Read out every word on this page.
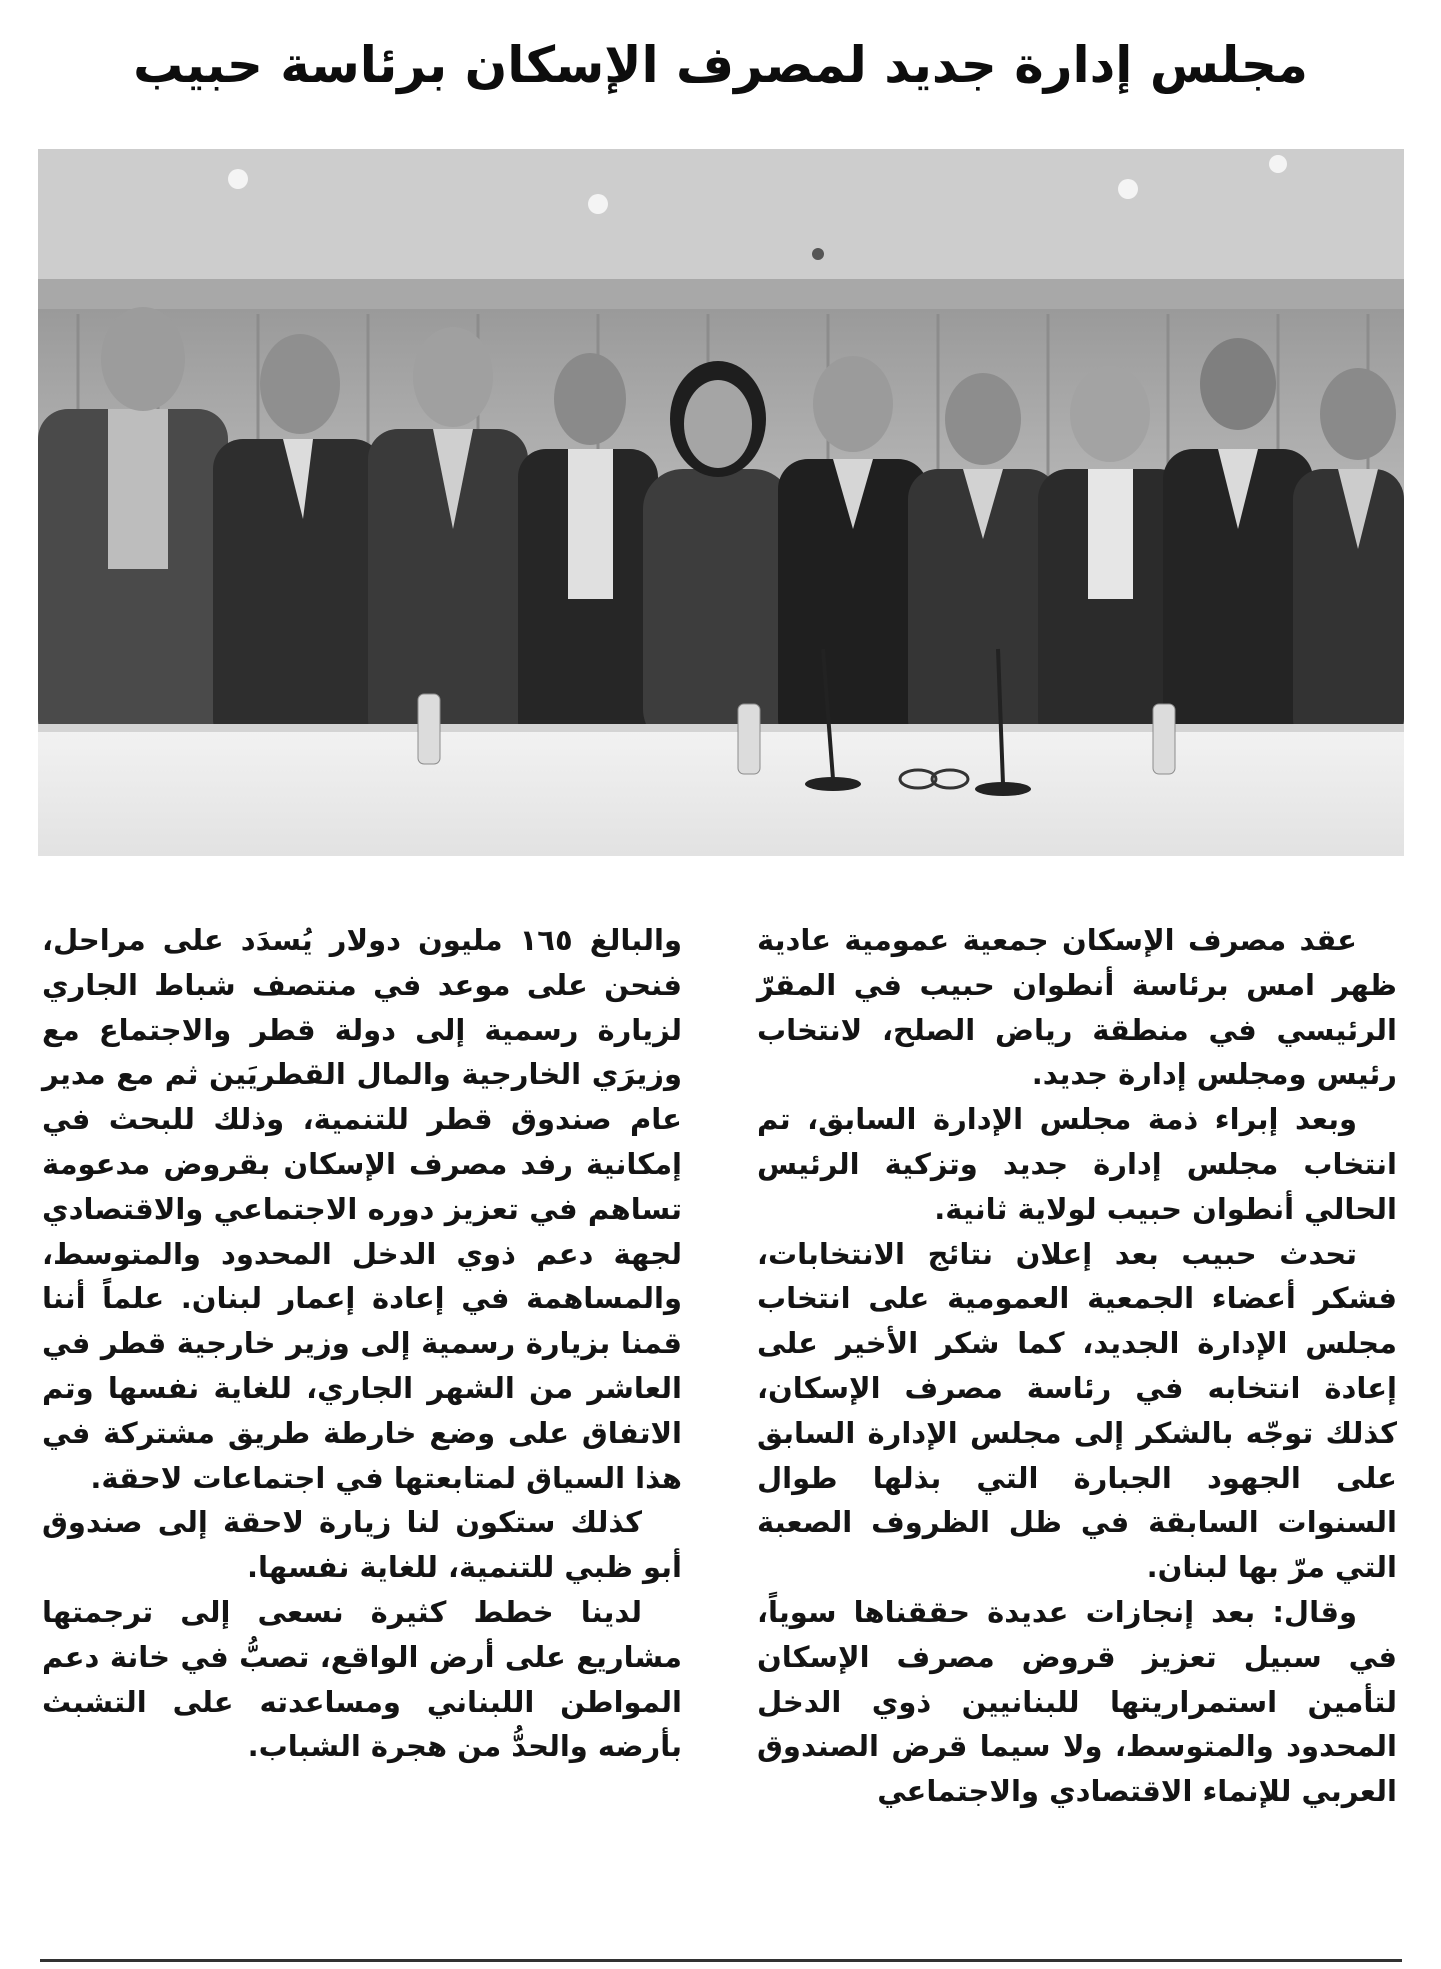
مجلس إدارة جديد لمصرف الإسكان برئاسة حبيب

عقد مصرف الإسكان جمعية عمومية عادية ظهر امس برئاسة أنطوان حبيب في المقرّ الرئيسي في منطقة رياض الصلح، لانتخاب رئيس ومجلس إدارة جديد.

وبعد إبراء ذمة مجلس الإدارة السابق، تم انتخاب مجلس إدارة جديد وتزكية الرئيس الحالي أنطوان حبيب لولاية ثانية.

تحدث حبيب بعد إعلان نتائج الانتخابات، فشكر أعضاء الجمعية العمومية على انتخاب مجلس الإدارة الجديد، كما شكر الأخير على إعادة انتخابه في رئاسة مصرف الإسكان، كذلك توجّه بالشكر إلى مجلس الإدارة السابق على الجهود الجبارة التي بذلها طوال السنوات السابقة في ظل الظروف الصعبة التي مرّ بها لبنان.

وقال: بعد إنجازات عديدة حققناها سوياً، في سبيل تعزيز قروض مصرف الإسكان لتأمين استمراريتها للبنانيين ذوي الدخل المحدود والمتوسط، ولا سيما قرض الصندوق العربي للإنماء الاقتصادي والاجتماعي

والبالغ ١٦٥ مليون دولار يُسدَد على مراحل، فنحن على موعد في منتصف شباط الجاري لزيارة رسمية إلى دولة قطر والاجتماع مع وزيرَي الخارجية والمال القطريَين ثم مع مدير عام صندوق قطر للتنمية، وذلك للبحث في إمكانية رفد مصرف الإسكان بقروض مدعومة تساهم في تعزيز دوره الاجتماعي والاقتصادي لجهة دعم ذوي الدخل المحدود والمتوسط، والمساهمة في إعادة إعمار لبنان. علماً أننا قمنا بزيارة رسمية إلى وزير خارجية قطر في العاشر من الشهر الجاري، للغاية نفسها وتم الاتفاق على وضع خارطة طريق مشتركة في هذا السياق لمتابعتها في اجتماعات لاحقة.

كذلك ستكون لنا زيارة لاحقة إلى صندوق أبو ظبي للتنمية، للغاية نفسها.

لدينا خطط كثيرة نسعى إلى ترجمتها مشاريع على أرض الواقع، تصبُّ في خانة دعم المواطن اللبناني ومساعدته على التشبث بأرضه والحدُّ من هجرة الشباب.
